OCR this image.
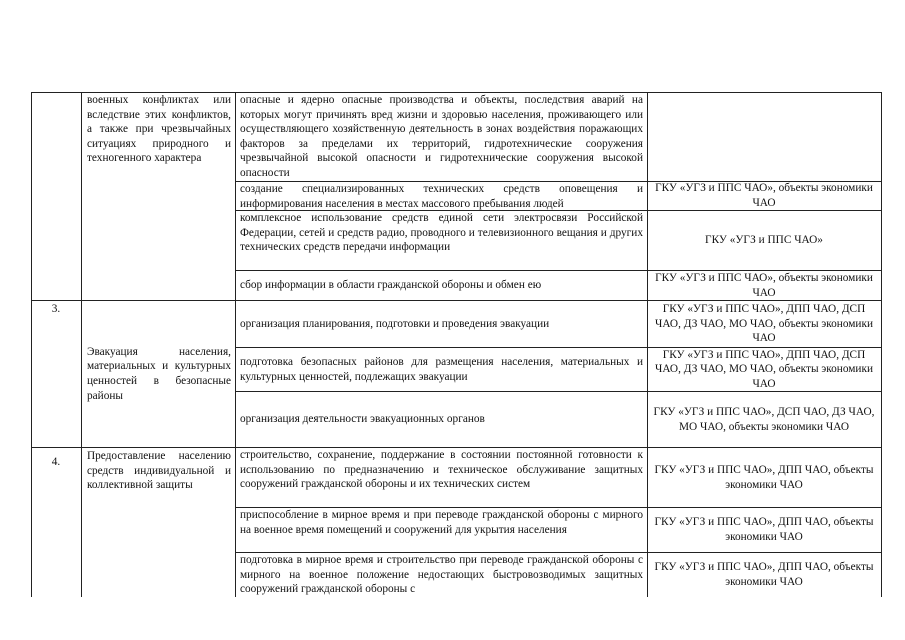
военных конфликтах или вследствие этих конфликтов, а также при чрезвычайных ситуациях природного и техногенного характера
опасные и ядерно опасные производства и объекты, последствия аварий на которых могут причинять вред жизни и здоровью населения, проживающего или осуществляющего хозяйственную деятельность в зонах воздействия поражающих факторов за пределами их территорий, гидротехнические сооружения чрезвычайной высокой опасности и гидротехнические сооружения высокой опасности
создание специализированных технических средств оповещения и информирования населения в местах массового пребывания людей
ГКУ «УГЗ и ППС ЧАО», объекты экономики ЧАО
комплексное использование средств единой сети электросвязи Российской Федерации, сетей и средств радио, проводного и телевизионного вещания и других технических средств передачи информации
ГКУ «УГЗ и ППС ЧАО»
сбор информации в области гражданской обороны и обмен ею
ГКУ «УГЗ и ППС ЧАО», объекты экономики ЧАО
3.
Эвакуация населения, материальных и культурных ценностей в безопасные районы
организация планирования, подготовки и проведения эвакуации
ГКУ «УГЗ и ППС ЧАО», ДПП ЧАО, ДСП ЧАО, ДЗ ЧАО, МО ЧАО, объекты экономики ЧАО
подготовка безопасных районов для размещения населения, материальных и культурных ценностей, подлежащих эвакуации
ГКУ «УГЗ и ППС ЧАО», ДПП ЧАО, ДСП ЧАО, ДЗ ЧАО, МО ЧАО, объекты экономики ЧАО
организация деятельности эвакуационных органов
ГКУ «УГЗ и ППС ЧАО», ДСП ЧАО, ДЗ ЧАО, МО ЧАО, объекты экономики ЧАО
4.	Предоставление населению средств индивидуальной и коллективной защиты
строительство, сохранение, поддержание в состоянии постоянной готовности к использованию по предназначению и техническое обслуживание защитных сооружений гражданской обороны и их технических систем
ГКУ «УГЗ и ППС ЧАО», ДПП ЧАО, объекты экономики ЧАО
приспособление в мирное время и при переводе гражданской обороны с мирного на военное время помещений и сооружений для укрытия населения
ГКУ «УГЗ и ППС ЧАО», ДПП ЧАО, объекты экономики ЧАО
подготовка в мирное время и строительство при переводе гражданской обороны с мирного на военное положение недостающих быстровозводимых защитных сооружений гражданской обороны с
ГКУ «УГЗ и ППС ЧАО», ДПП ЧАО, объекты экономики ЧАО
